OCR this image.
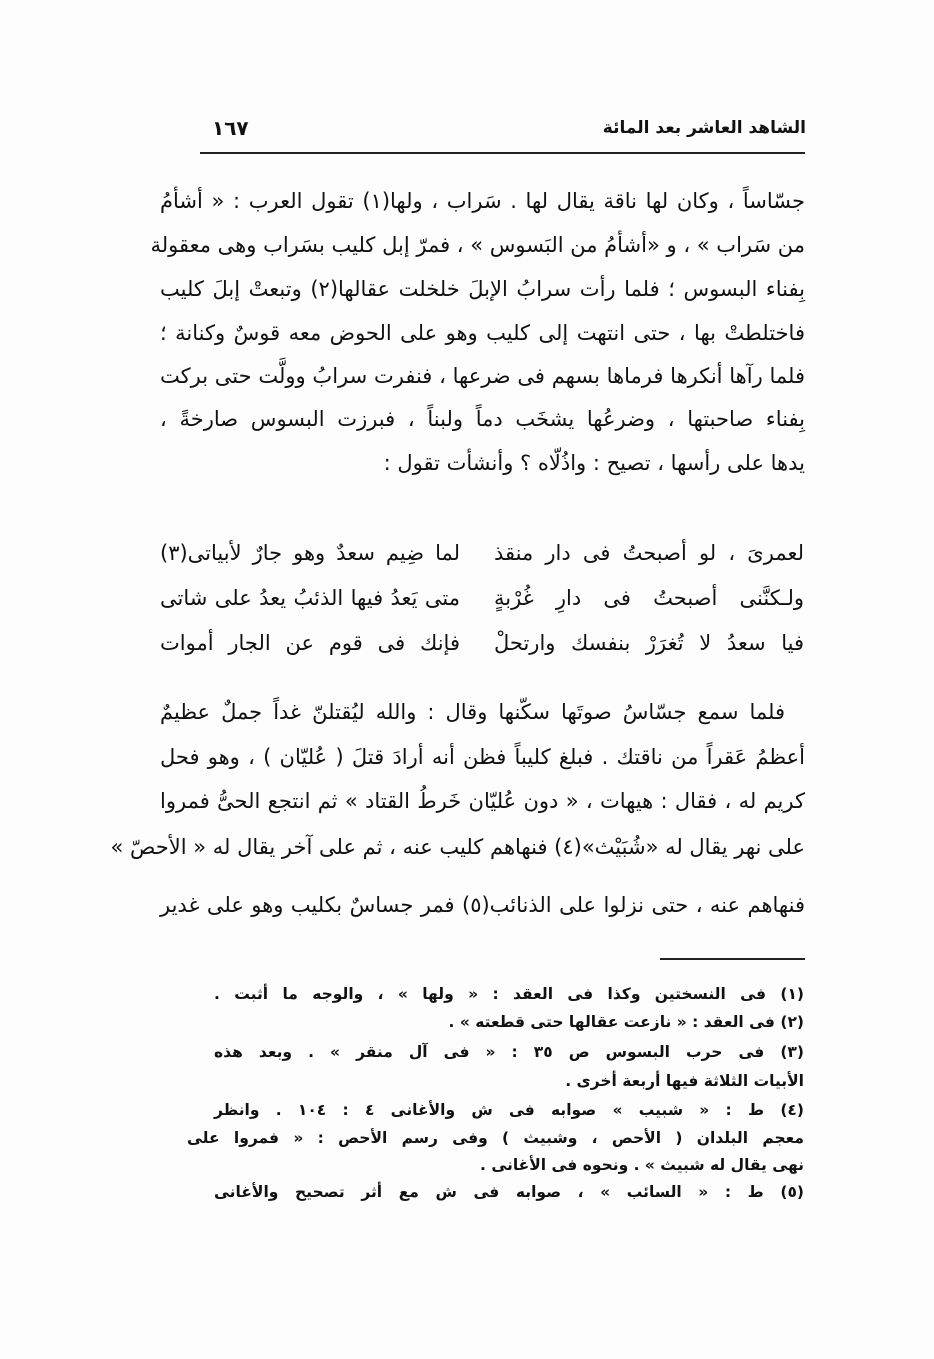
الشاهد العاشر بعد المائة
١٦٧
جسّاساً ، وكان لها ناقة يقال لها . سَراب ، ولها(١) تقول العرب : « أشأمُ
من سَراب » ، و «أشأمُ من البَسوس » ، فمرّ إبل كليب بسَراب وهى معقولة
بِفناء البسوس ؛ فلما رأت سرابُ الإبلَ خلخلت عقالها(٢) وتبعتْ إبلَ كليب
فاختلطتْ بها ، حتى انتهت إلى كليب وهو على الحوض معه قوسٌ وكنانة ؛
فلما رآها أنكرها فرماها بسهم فى ضرعها ، فنفرت سرابُ وولَّت حتى بركت
بِفناء صاحبتها ، وضرعُها يشخَب دماً ولبناً ، فبرزت البسوس صارخةً ،
يدها على رأسها ، تصيح : واذُلّاه ؟ وأنشأت تقول :
لعمرىَ ، لو أصبحتُ فى دار منقذ
لما ضِيم سعدٌ وهو جارٌ لأبياتى(٣)
ولـكنَّنى أصبحتُ فى دارِ غُرْبةٍ
متى يَعدُ فيها الذئبُ يعدُ على شاتى
فيا سعدُ لا تُغرَرْ بنفسك وارتحلْ
فإنك فى قوم عن الجار أموات
فلما سمع جسّاسُ صوتَها سكّنها وقال : والله ليُقتلنّ غداً جملٌ عظيمٌ
أعظمُ عَقراً من ناقتك . فبلغ كليباً فظن أنه أرادَ قتلَ ( عُليّان ) ، وهو فحل
كريم له ، فقال : هيهات ، « دون عُليّان خَرطُ القتاد » ثم انتجع الحىُّ فمروا
على نهر يقال له «شُبَيْث»(٤) فنهاهم كليب عنه ، ثم على آخر يقال له « الأحصّ »
فنهاهم عنه ، حتى نزلوا على الذنائب(٥) فمر جساسٌ بكليب وهو على غدير
(١) فى النسختين وكذا فى العقد : « ولها » ، والوجه ما أثبت .
(٢) فى العقد : « نازعت عقالها حتى قطعته » .
(٣) فى حرب البسوس ص ٣٥ : « فى آل منقر » . وبعد هذه
الأبيات الثلاثة فيها أربعة أخرى .
(٤) ط : « شبيب » صوابه فى ش والأغانى ٤ : ١٠٤ . وانظر
معجم البلدان ( الأحص ، وشبيث ) وفى رسم الأحص : « فمروا على
نهى يقال له شبيث » . ونحوه فى الأغانى .
(٥) ط : « السائب » ، صوابه فى ش مع أثر تصحيح والأغانى
